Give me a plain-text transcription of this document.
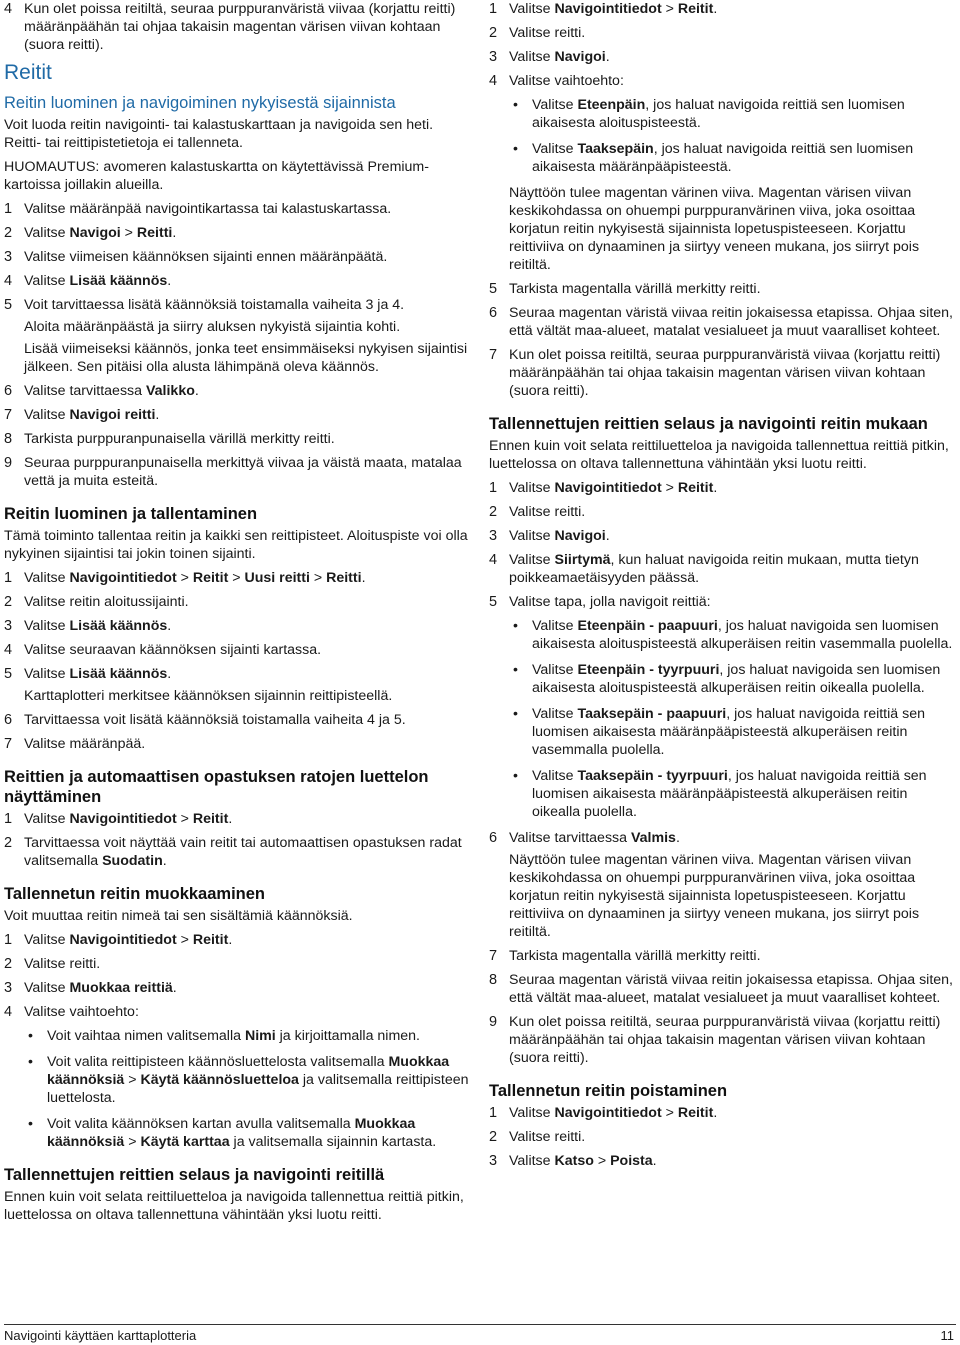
4 Kun olet poissa reitiltä, seuraa purppuranväristä viivaa (korjattu reitti) määränpäähän tai ohjaa takaisin magentan värisen viivan kohtaan (suora reitti).
Reitit
Reitin luominen ja navigoiminen nykyisestä sijainnista
Voit luoda reitin navigointi- tai kalastuskarttaan ja navigoida sen heti. Reitti- tai reittipistetietoja ei tallenneta.
HUOMAUTUS: avomeren kalastuskartta on käytettävissä Premium-kartoissa joillakin alueilla.
1 Valitse määränpää navigointikartassa tai kalastuskartassa.
2 Valitse Navigoi > Reitti.
3 Valitse viimeisen käännöksen sijainti ennen määränpäätä.
4 Valitse Lisää käännös.
5 Voit tarvittaessa lisätä käännöksiä toistamalla vaiheita 3 ja 4.
Aloita määränpäästä ja siirry aluksen nykyistä sijaintia kohti.
Lisää viimeiseksi käännös, jonka teet ensimmäiseksi nykyisen sijaintisi jälkeen. Sen pitäisi olla alusta lähimpänä oleva käännös.
6 Valitse tarvittaessa Valikko.
7 Valitse Navigoi reitti.
8 Tarkista purppuranpunaisella värillä merkitty reitti.
9 Seuraa purppuranpunaisella merkittyä viivaa ja väistä maata, matalaa vettä ja muita esteitä.
Reitin luominen ja tallentaminen
Tämä toiminto tallentaa reitin ja kaikki sen reittipisteet. Aloituspiste voi olla nykyinen sijaintisi tai jokin toinen sijainti.
1 Valitse Navigointitiedot > Reitit > Uusi reitti > Reitti.
2 Valitse reitin aloitussijainti.
3 Valitse Lisää käännös.
4 Valitse seuraavan käännöksen sijainti kartassa.
5 Valitse Lisää käännös.
Karttaplotteri merkitsee käännöksen sijainnin reittipisteellä.
6 Tarvittaessa voit lisätä käännöksiä toistamalla vaiheita 4 ja 5.
7 Valitse määränpää.
Reittien ja automaattisen opastuksen ratojen luettelon näyttäminen
1 Valitse Navigointitiedot > Reitit.
2 Tarvittaessa voit näyttää vain reitit tai automaattisen opastuksen radat valitsemalla Suodatin.
Tallennetun reitin muokkaaminen
Voit muuttaa reitin nimeä tai sen sisältämiä käännöksiä.
1 Valitse Navigointitiedot > Reitit.
2 Valitse reitti.
3 Valitse Muokkaa reittiä.
4 Valitse vaihtoehto:
• Voit vaihtaa nimen valitsemalla Nimi ja kirjoittamalla nimen.
• Voit valita reittipisteen käännösluettelosta valitsemalla Muokkaa käännöksiä > Käytä käännösluetteloa ja valitsemalla reittipisteen luettelosta.
• Voit valita käännöksen kartan avulla valitsemalla Muokkaa käännöksiä > Käytä karttaa ja valitsemalla sijainnin kartasta.
Tallennettujen reittien selaus ja navigointi reitillä
Ennen kuin voit selata reittiluetteloa ja navigoida tallennettua reittiä pitkin, luettelossa on oltava tallennettuna vähintään yksi luotu reitti.
1 Valitse Navigointitiedot > Reitit.
2 Valitse reitti.
3 Valitse Navigoi.
4 Valitse vaihtoehto:
• Valitse Eteenpäin, jos haluat navigoida reittiä sen luomisen aikaisesta aloituspisteestä.
• Valitse Taaksepäin, jos haluat navigoida reittiä sen luomisen aikaisesta määränpääpisteestä.
Näyttöön tulee magentan värinen viiva. Magentan värisen viivan keskikohdassa on ohuempi purppuranvärinen viiva, joka osoittaa korjatun reitin nykyisestä sijainnista lopetuspisteeseen. Korjattu reittiviiva on dynaaminen ja siirtyy veneen mukana, jos siirryt pois reitiltä.
5 Tarkista magentalla värillä merkitty reitti.
6 Seuraa magentan väristä viivaa reitin jokaisessa etapissa. Ohjaa siten, että vältät maa-alueet, matalat vesialueet ja muut vaaralliset kohteet.
7 Kun olet poissa reitiltä, seuraa purppuranväristä viivaa (korjattu reitti) määränpäähän tai ohjaa takaisin magentan värisen viivan kohtaan (suora reitti).
Tallennettujen reittien selaus ja navigointi reitin mukaan
Ennen kuin voit selata reittiluetteloa ja navigoida tallennettua reittiä pitkin, luettelossa on oltava tallennettuna vähintään yksi luotu reitti.
1 Valitse Navigointitiedot > Reitit.
2 Valitse reitti.
3 Valitse Navigoi.
4 Valitse Siirtymä, kun haluat navigoida reitin mukaan, mutta tietyn poikkeamaetäisyyden päässä.
5 Valitse tapa, jolla navigoit reittiä:
• Valitse Eteenpäin - paapuuri, jos haluat navigoida sen luomisen aikaisesta aloituspisteestä alkuperäisen reitin vasemmalla puolella.
• Valitse Eteenpäin - tyyrpuuri, jos haluat navigoida sen luomisen aikaisesta aloituspisteestä alkuperäisen reitin oikealla puolella.
• Valitse Taaksepäin - paapuuri, jos haluat navigoida reittiä sen luomisen aikaisesta määränpääpisteestä alkuperäisen reitin vasemmalla puolella.
• Valitse Taaksepäin - tyyrpuuri, jos haluat navigoida reittiä sen luomisen aikaisesta määränpääpisteestä alkuperäisen reitin oikealla puolella.
6 Valitse tarvittaessa Valmis.
Näyttöön tulee magentan värinen viiva. Magentan värisen viivan keskikohdassa on ohuempi purppuranvärinen viiva, joka osoittaa korjatun reitin nykyisestä sijainnista lopetuspisteeseen. Korjattu reittiviiva on dynaaminen ja siirtyy veneen mukana, jos siirryt pois reitiltä.
7 Tarkista magentalla värillä merkitty reitti.
8 Seuraa magentan väristä viivaa reitin jokaisessa etapissa. Ohjaa siten, että vältät maa-alueet, matalat vesialueet ja muut vaaralliset kohteet.
9 Kun olet poissa reitiltä, seuraa purppuranväristä viivaa (korjattu reitti) määränpäähän tai ohjaa takaisin magentan värisen viivan kohtaan (suora reitti).
Tallennetun reitin poistaminen
1 Valitse Navigointitiedot > Reitit.
2 Valitse reitti.
3 Valitse Katso > Poista.
Navigointi käyttäen karttaplotteria	11
